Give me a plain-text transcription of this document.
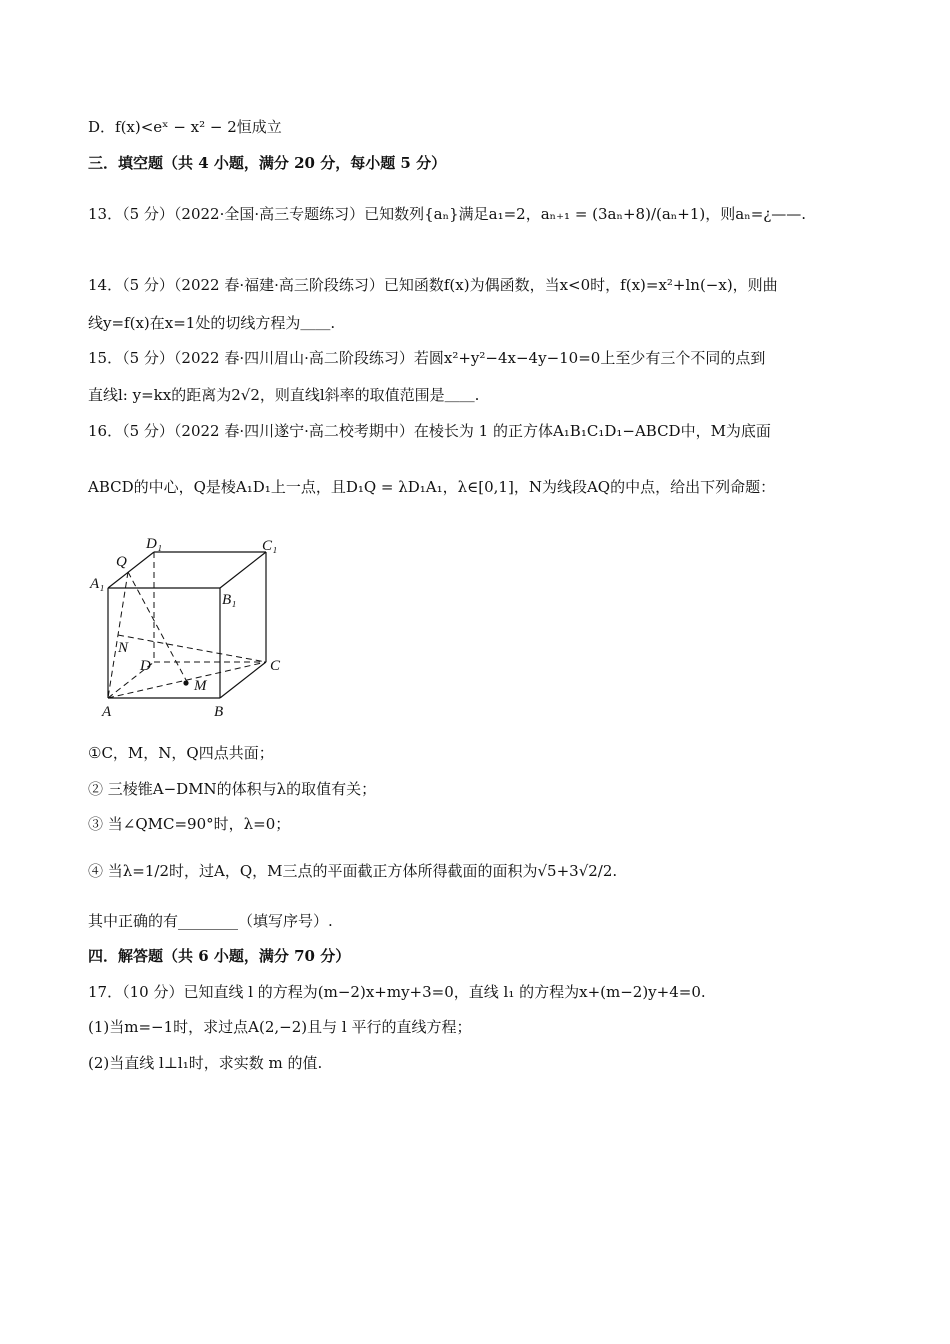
D．f(x)<eˣ − x² − 2恒成立
三．填空题（共 4 小题，满分 20 分，每小题 5 分）
13．（5 分）（2022·全国·高三专题练习）已知数列{aₙ}满足a₁=2，aₙ₊₁ = (3aₙ+8)/(aₙ+1)，则aₙ=¿——.
14．（5 分）（2022 春·福建·高三阶段练习）已知函数f(x)为偶函数，当x<0时，f(x)=x²+ln(−x)，则曲
线y=f(x)在x=1处的切线方程为＿＿.
15．（5 分）（2022 春·四川眉山·高二阶段练习）若圆x²+y²−4x−4y−10=0上至少有三个不同的点到
直线l: y=kx的距离为2√2，则直线l斜率的取值范围是＿＿.
16．（5 分）（2022 春·四川遂宁·高二校考期中）在棱长为 1 的正方体A₁B₁C₁D₁−ABCD中，M为底面
ABCD的中心，Q是棱A₁D₁上一点，且D₁Q = λD₁A₁，λ∈[0,1]，N为线段AQ的中点，给出下列命题：
D₁	C₁
Q
A₁
B₁
N
D	C
M
A	B
①C，M，N，Q四点共面；
② 三棱锥A−DMN的体积与λ的取值有关；
③ 当∠QMC=90°时，λ=0；
④ 当λ=1/2时，过A，Q，M三点的平面截正方体所得截面的面积为√5+3√2/2.
其中正确的有________（填写序号）.
四．解答题（共 6 小题，满分 70 分）
17．（10 分）已知直线 l 的方程为(m−2)x+my+3=0，直线 l₁ 的方程为x+(m−2)y+4=0.
(1)当m=−1时，求过点A(2,−2)且与 l 平行的直线方程；
(2)当直线 l⊥l₁时，求实数 m 的值.
